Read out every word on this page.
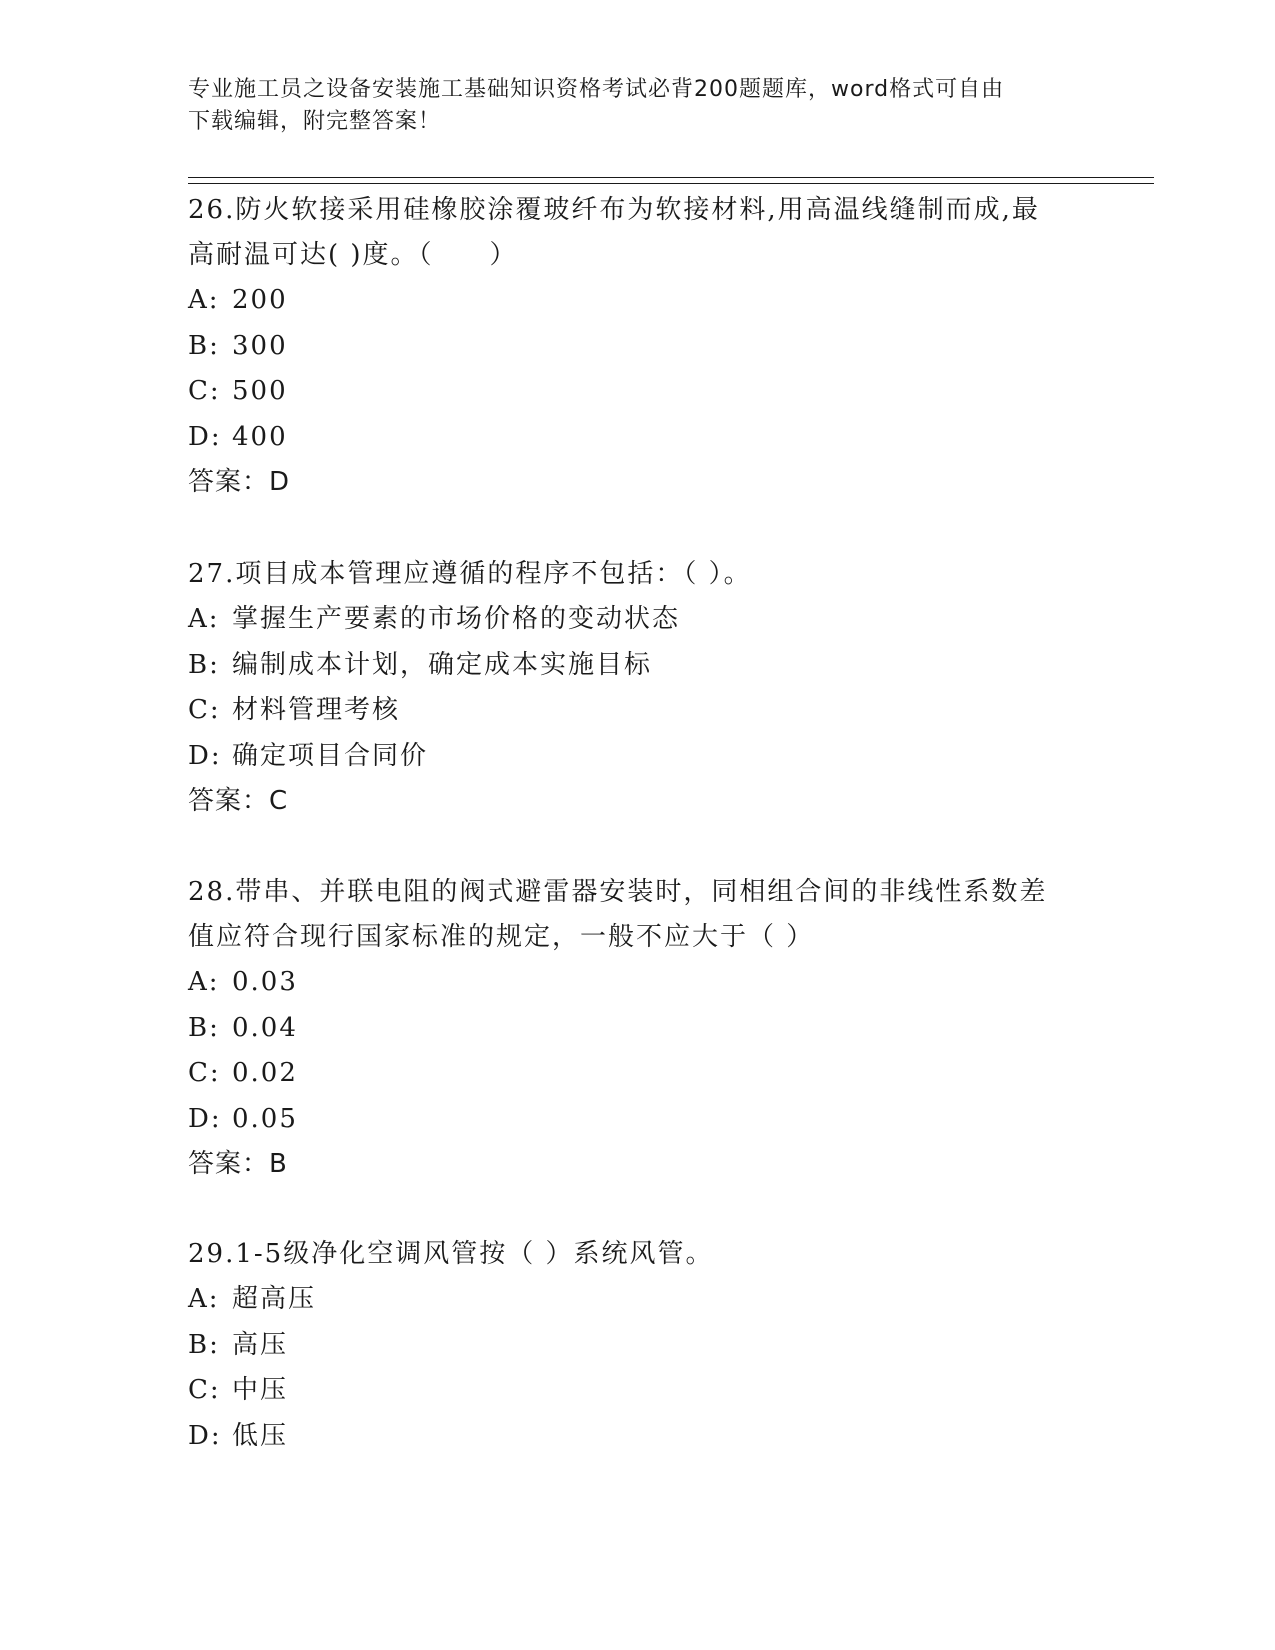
专业施工员之设备安装施工基础知识资格考试必背200题题库，word格式可自由
下载编辑，附完整答案！

26.防火软接采用硅橡胶涂覆玻纤布为软接材料,用高温线缝制而成,最

高耐温可达( )度。（　　）

A: 200

B: 300

C: 500

D: 400

答案：D

27.项目成本管理应遵循的程序不包括：（ ）。

A: 掌握生产要素的市场价格的变动状态

B: 编制成本计划，确定成本实施目标

C: 材料管理考核

D: 确定项目合同价

答案：C

28.带串、并联电阻的阀式避雷器安装时，同相组合间的非线性系数差

值应符合现行国家标准的规定，一般不应大于（ ）

A: 0.03

B: 0.04

C: 0.02

D: 0.05

答案：B

29.1-5级净化空调风管按（ ）系统风管。

A: 超高压

B: 高压

C: 中压

D: 低压
